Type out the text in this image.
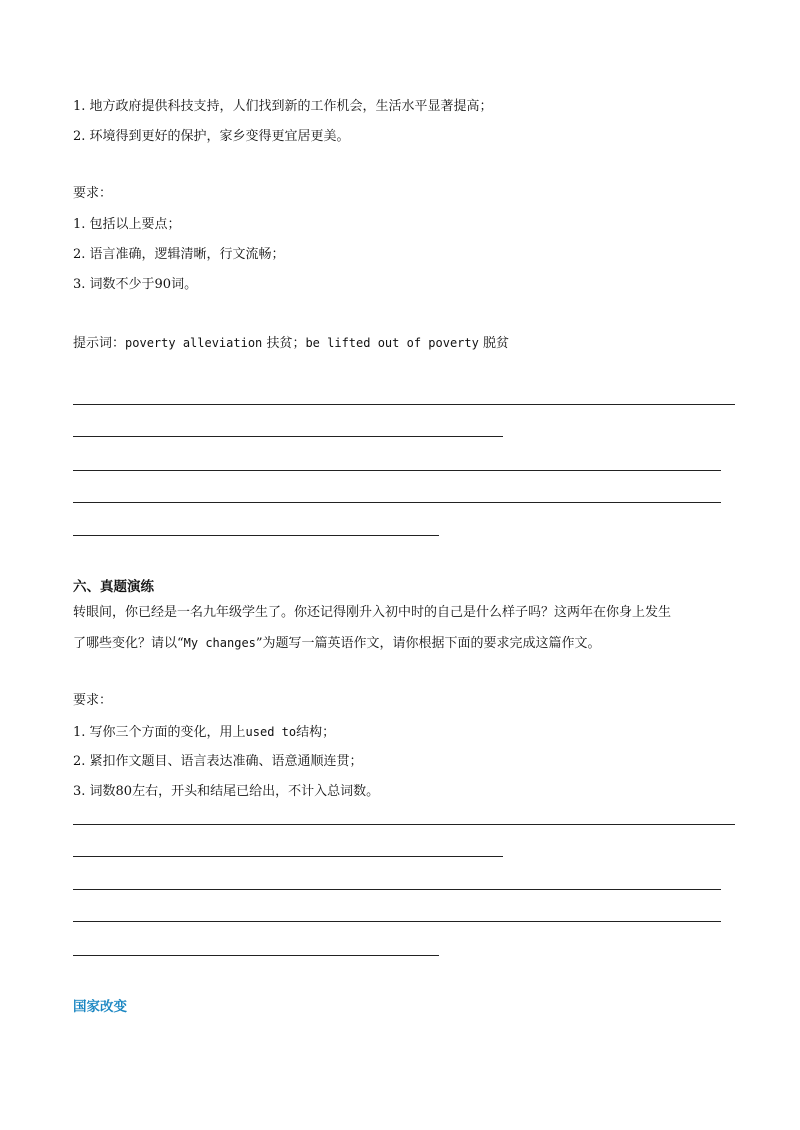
1. 地方政府提供科技支持，人们找到新的工作机会，生活水平显著提高；
2. 环境得到更好的保护，家乡变得更宜居更美。
要求：
1. 包括以上要点；
2. 语言准确，逻辑清晰，行文流畅；
3. 词数不少于90词。
提示词：poverty alleviation 扶贫；be lifted out of poverty 脱贫
六、真题演练
转眼间，你已经是一名九年级学生了。你还记得刚升入初中时的自己是什么样子吗？这两年在你身上发生
了哪些变化？请以“My changes”为题写一篇英语作文，请你根据下面的要求完成这篇作文。
要求：
1. 写你三个方面的变化，用上used to结构；
2. 紧扣作文题目、语言表达准确、语意通顺连贯；
3. 词数80左右，开头和结尾已给出，不计入总词数。
国家改变
